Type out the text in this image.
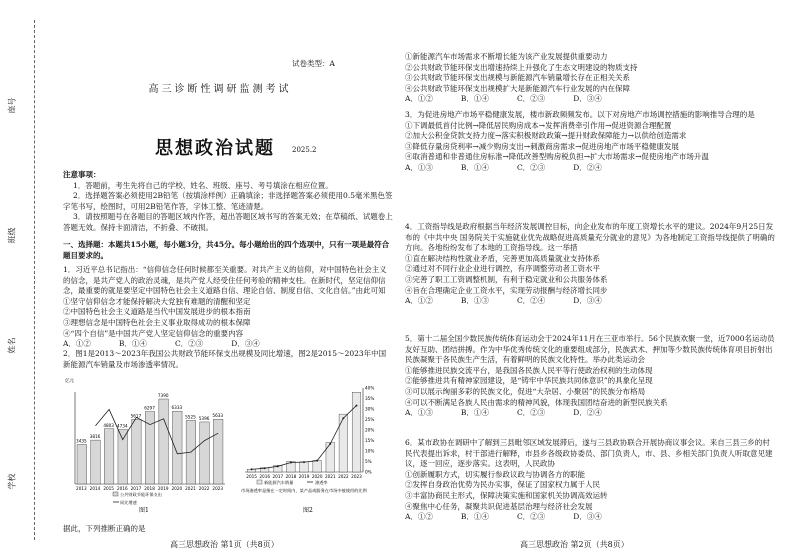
学校
姓名
班级
座号
试卷类型：A
高三诊断性调研监测考试
思想政治试题	2025.2

注意事项：

1．答题前，考生先将自己的学校、姓名、班级、座号、考号填涂在相应位置。

2．选择题答案必须使用2B铅笔（按填涂样例）正确填涂；非选择题答案必须使用0.5毫米黑色签字笔书写，绘图时，可用2B铅笔作答，字体工整、笔迹清楚。

3．请按照题号在各题目的答题区域内作答，超出答题区域书写的答案无效；在草稿纸、试题卷上答题无效。保持卡面清洁，不折叠、不破损。

一、选择题：本题共15小题，每小题3分，共45分。每小题给出的四个选项中，只有一项是最符合题目要求的。

1．习近平总书记指出：“信仰信念任何时候都至关重要。对共产主义的信仰，对中国特色社会主义的信念，是共产党人的政治灵魂，是共产党人经受住任何考验的精神支柱。在新时代，坚定信仰信念，最重要的就是要坚定中国特色社会主义道路自信、理论自信、制度自信、文化自信。”由此可知

①坚守信仰信念才能保持解决大党独有难题的清醒和坚定

②中国特色社会主义道路是当代中国发展进步的根本指南

③理想信念是中国特色社会主义事业取得成功的根本保障

④“四个自信”是中国共产党人坚定信仰信念的重要内容

A．①②	B．①④	C．②③	D．③④

2．图1是2013～2023年我国公共财政节能环保支出规模及同比增速，图2是2015～2023年中国新能源汽车销量及市场渗透率情况。

亿元
3435
2013
3816
2014
4803
2015
4734
2016
5617
2017
6297
2018
7390
2019
6333
2020
5525
2021
5396
2022
5633
2023
公共财政节能环保支出
同比增速
图1
0%
5%
10%
15%
20%
25%
30%
35%
40%
2015 2016 2017 2018 2019 2020 2021 2022 2023
新能源汽车销量	渗透率
市场渗透率是指在一定时间内，某产品或服务在市场中被使用的比例
图2
据此，下列推断正确的是
高三思想政治 第1页（共8页）

①新能源汽车市场需求不断增长能为该产业发展提供重要动力

②公共财政节能环保支出增速持续上升强化了生态文明建设的物质支持

③公共财政节能环保支出规模与新能源汽车销量增长存在正相关关系

④公共财政节能环保支出规模扩大是新能源汽车行业发展的内在保障

A．①②	B．①④	C．②③	D．③④

3．为促进房地产市场平稳健康发展，楼市新政频频发布。以下对房地产市场调控措施的影响推导合理的是

①下调最低首付比例→降低居民购房成本→发挥消费牵引作用→促进资源合理配置

②加大公积金贷款支持力度→落实积极财政政策→提升财政保障能力→以供给创造需求

③降低存量房贷利率→减少购房支出→刺激商房需求→促进房地产市场平稳健康发展

④取消普通和非普通住房标准→降低改善型购房税负担→扩大市场需求→促使房地产市场升温

A．①③	B．①④	C．②③	D．②④

4．工资指导线是政府根据当年经济发展调控目标，向企业发布的年度工资增长水平的建议。2024年9月25日发布的《中共中央 国务院关于实施就业优先战略促进高质量充分就业的意见》为各地制定工资指导线提供了明确的方向。各地纷纷发布了本地的工资指导线。这一举措

①直在解决结构性就业矛盾，完善更加高质量就业支持体系

②通过对不同行业企业进行调控，有序调整劳动者工资水平

③完善了职工工资调整机制，有利于稳定就业和公共服务体系

④旨在合理确定企业工资水平，实现劳动报酬与经济增长同步

A．①②	B．①③	C．②④	D．③④

5．第十二届全国少数民族传统体育运动会于2024年11月在三亚市举行。56个民族欢聚一堂，近7000名运动员友好互助、团结拼搏。作为中华优秀传统文化的重要组成部分，民族武术、押加等少数民族传统体育项目折射出民族凝聚于各民族生产生活，有着鲜明的民族文化特性。举办此类运动会

①能够推进民族交流平台，是我国各民族人民平等行使政治权利的生动体现

②能够推进共有精神家园建设，是“铸牢中华民族共同体意识”的具象化呈现

③可以展示绚丽多彩的民族文化，促进“大杂居、小聚居”的民族分布格局

④可以不断满足各族人民由需求的精神风貌，体现我国团结奋进的新型民族关系

A．①③	B．①④	C．②③	D．②④

6．某市政协在调研中了解到三县毗邻区域发展滞后，遂与三县政协联合开展协商议事会议。来自三县三乡的村民代表提出诉求，村干部进行解释，市县乡各级政协委员、部门负责人，市、县、乡相关部门负责人听取意见建议，逐一回应，逐步落实。这表明，人民政协

①创新履职方式，切实履行参政议政与协调各方的职能

②发挥自身政治优势为民办实事，保证了国家权力属于人民

③丰富协商民主形式，保障决策实施和国家机关协调高效运转

④聚焦中心任务，凝聚共识促进基层治理与经济社会发展

A．①②	B．①④	C．②③	D．③④
高三思想政治 第2页（共8页）
